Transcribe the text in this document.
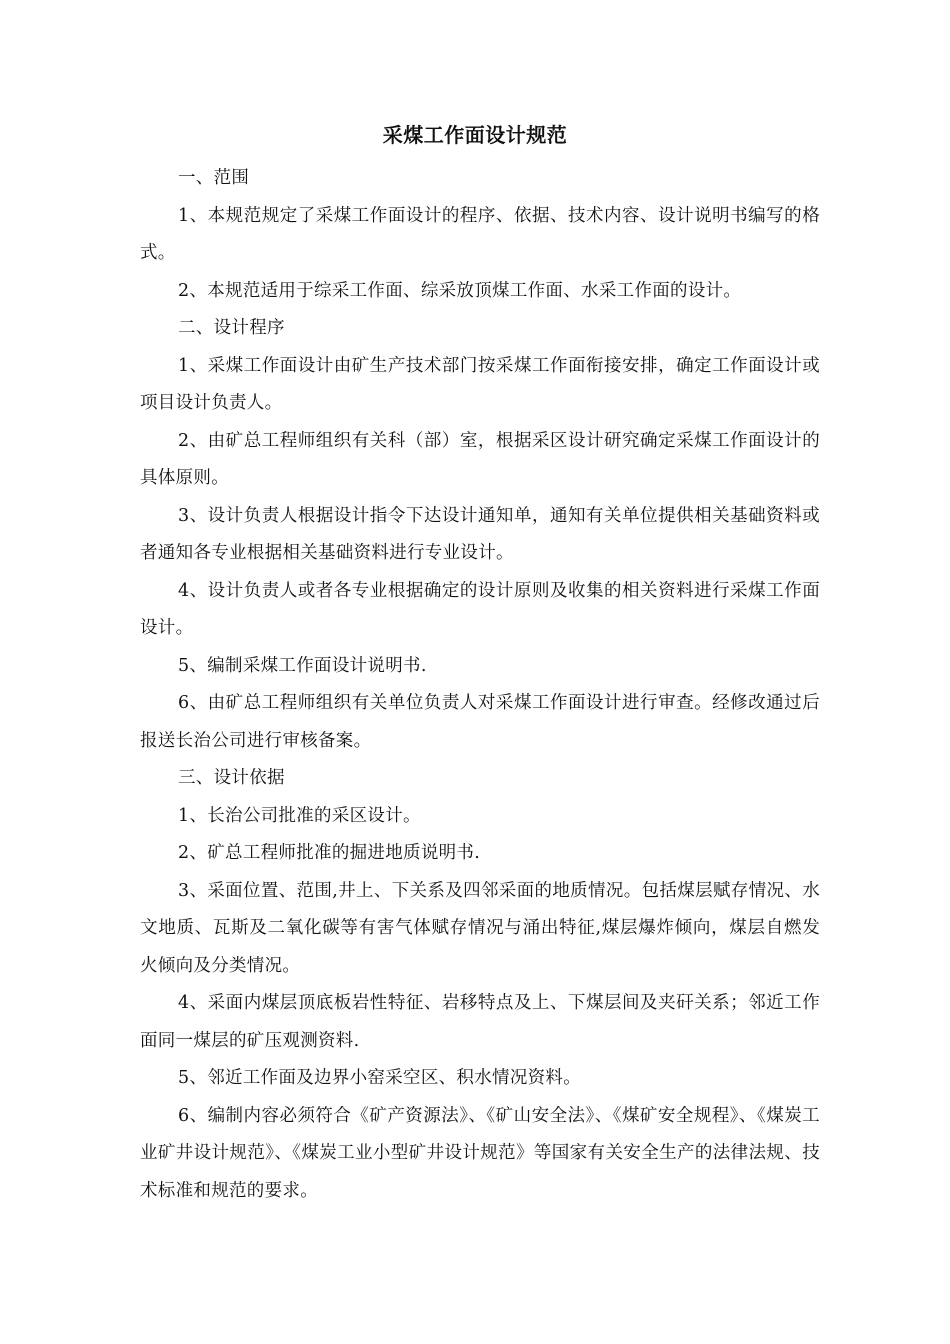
采煤工作面设计规范

一、范围

1、本规范规定了采煤工作面设计的程序、依据、技术内容、设计说明书编写的格式。

2、本规范适用于综采工作面、综采放顶煤工作面、水采工作面的设计。

二、设计程序

1、采煤工作面设计由矿生产技术部门按采煤工作面衔接安排，确定工作面设计或项目设计负责人。

2、由矿总工程师组织有关科（部）室，根据采区设计研究确定采煤工作面设计的具体原则。

3、设计负责人根据设计指令下达设计通知单，通知有关单位提供相关基础资料或者通知各专业根据相关基础资料进行专业设计。

4、设计负责人或者各专业根据确定的设计原则及收集的相关资料进行采煤工作面设计。

5、编制采煤工作面设计说明书.

6、由矿总工程师组织有关单位负责人对采煤工作面设计进行审查。经修改通过后报送长治公司进行审核备案。

三、设计依据

1、长治公司批准的采区设计。

2、矿总工程师批准的掘进地质说明书.

3、采面位置、范围,井上、下关系及四邻采面的地质情况。包括煤层赋存情况、水文地质、瓦斯及二氧化碳等有害气体赋存情况与涌出特征,煤层爆炸倾向，煤层自燃发火倾向及分类情况。

4、采面内煤层顶底板岩性特征、岩移特点及上、下煤层间及夹矸关系；邻近工作面同一煤层的矿压观测资料.

5、邻近工作面及边界小窑采空区、积水情况资料。

6、编制内容必须符合《矿产资源法》、《矿山安全法》、《煤矿安全规程》、《煤炭工业矿井设计规范》、《煤炭工业小型矿井设计规范》等国家有关安全生产的法律法规、技术标准和规范的要求。
